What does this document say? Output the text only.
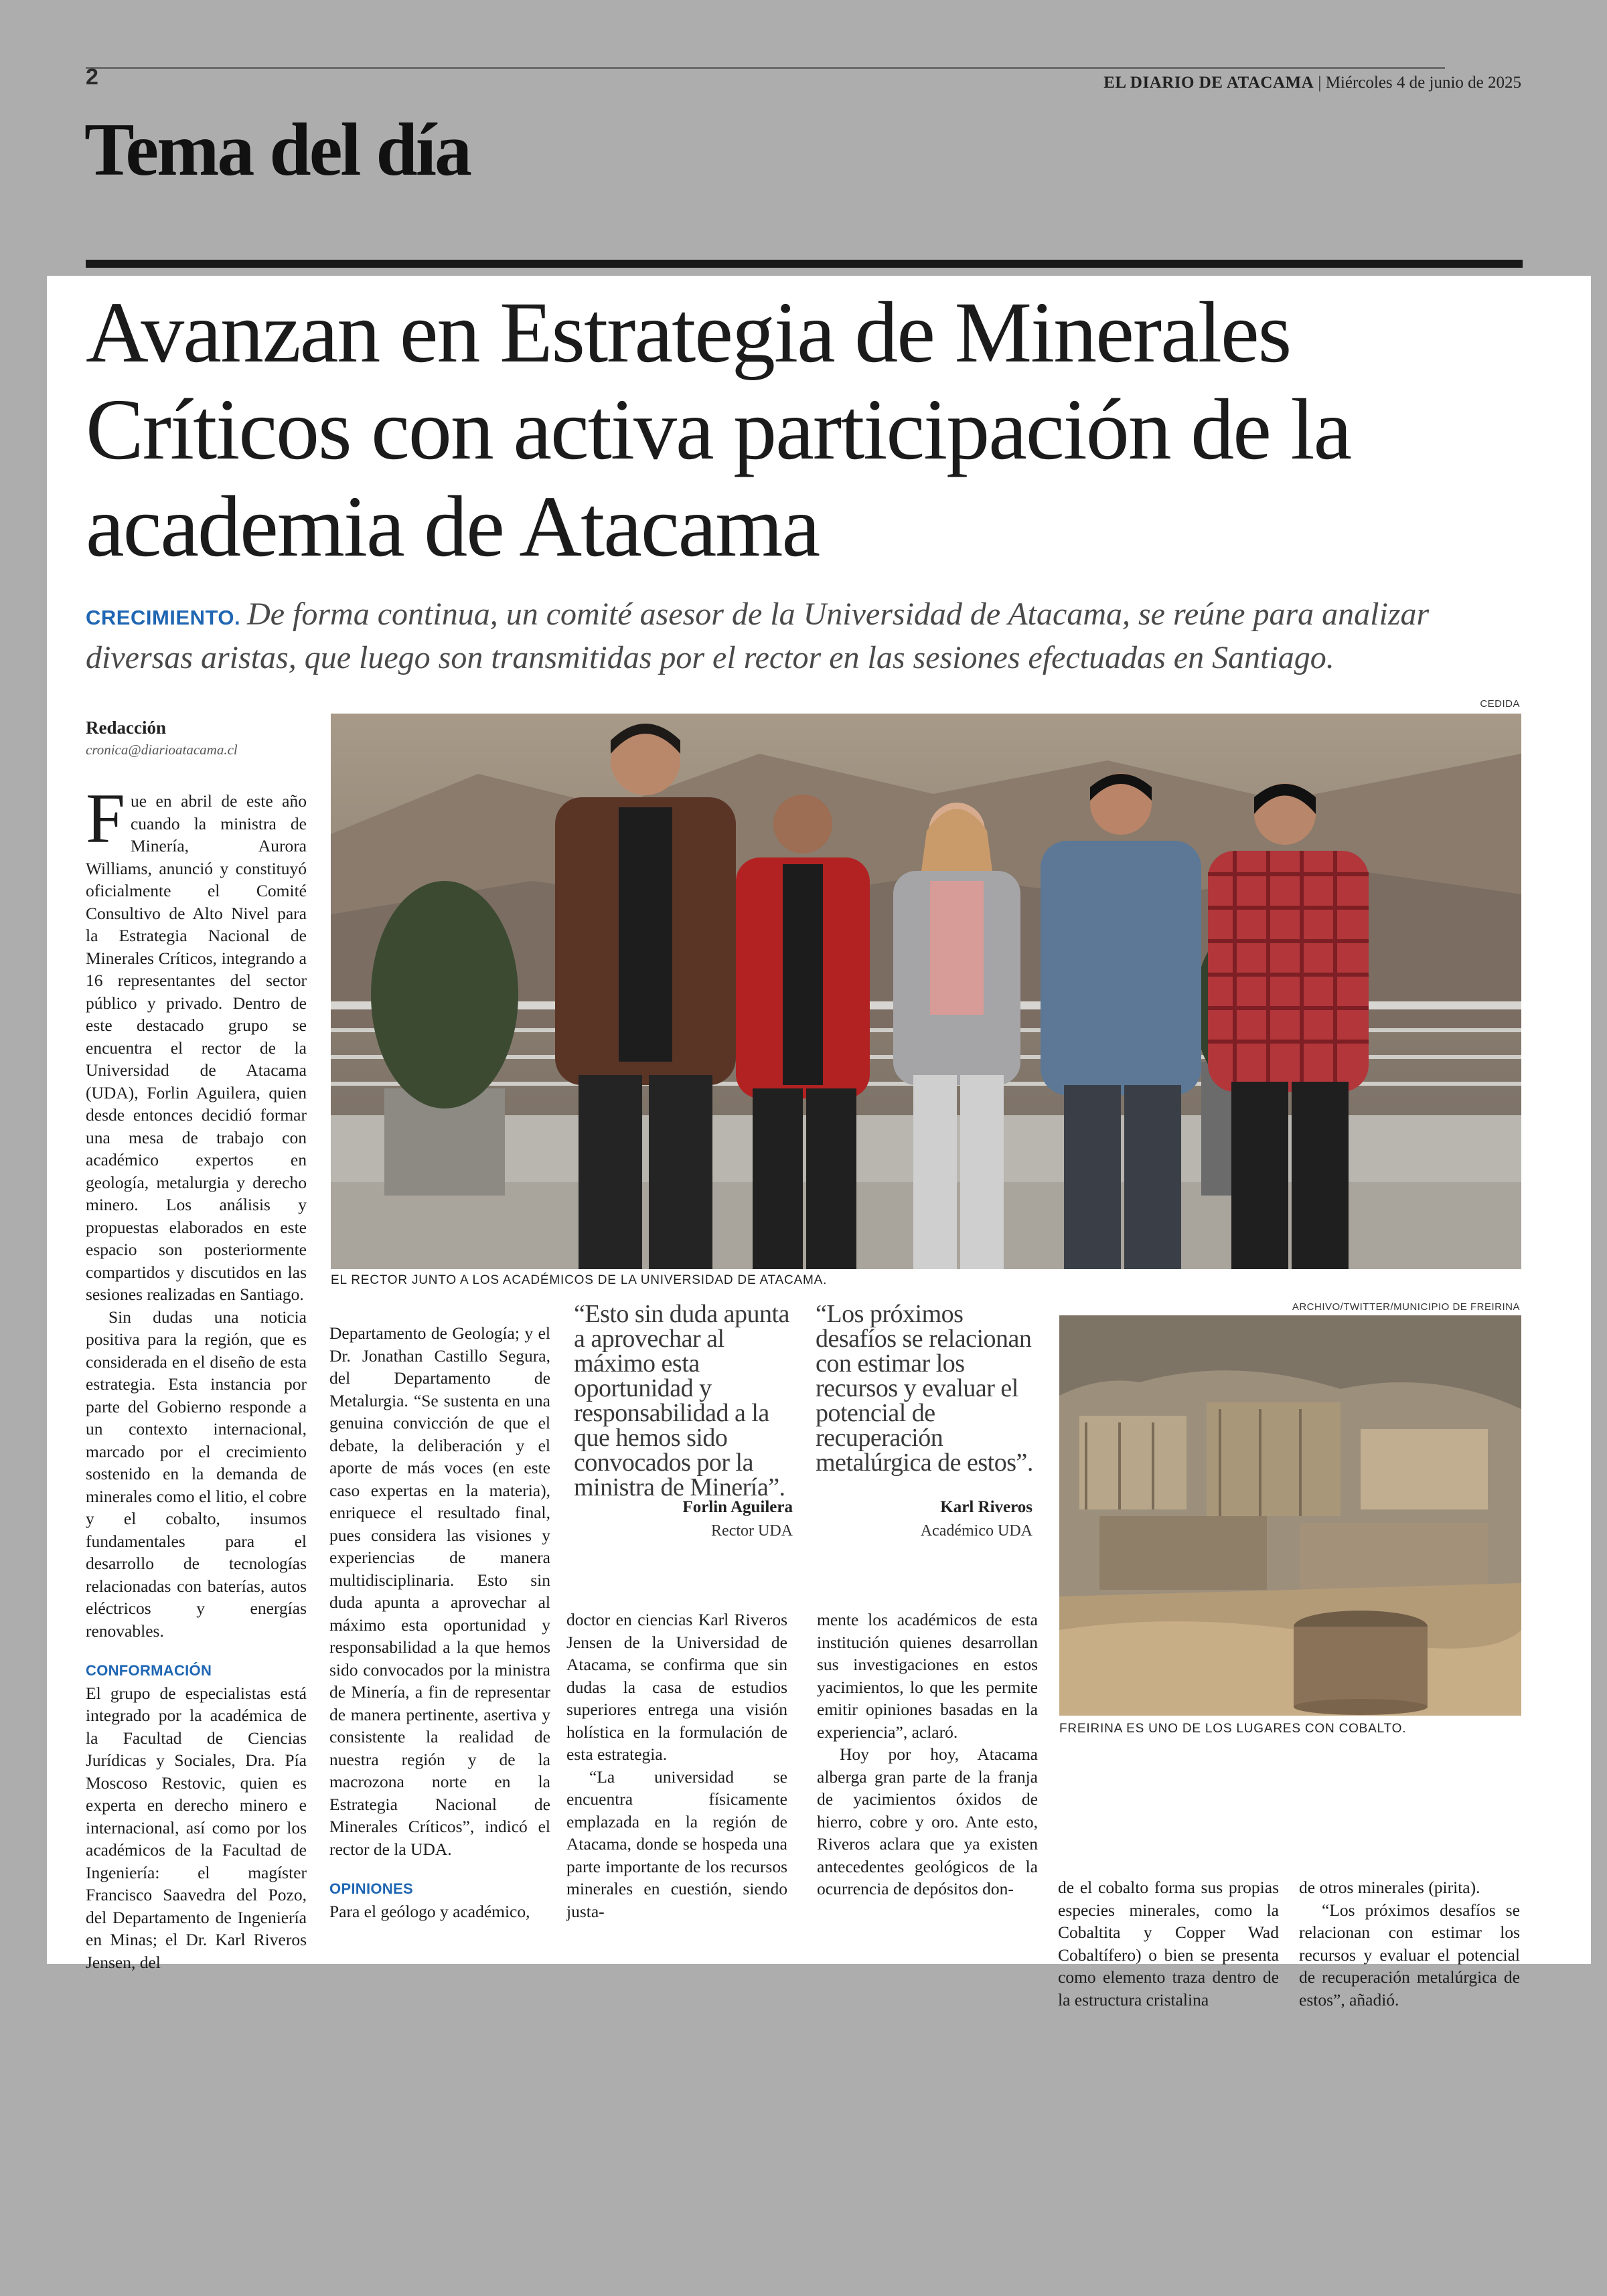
2	EL DIARIO DE ATACAMA | Miércoles 4 de junio de 2025
Tema del día
Avanzan en Estrategia de Minerales Críticos con activa participación de la academia de Atacama
CRECIMIENTO. De forma continua, un comité asesor de la Universidad de Atacama, se reúne para analizar diversas aristas, que luego son transmitidas por el rector en las sesiones efectuadas en Santiago.
CEDIDA
Redacción
cronica@diarioatacama.cl
EL RECTOR JUNTO A LOS ACADÉMICOS DE LA UNIVERSIDAD DE ATACAMA.

Fue en abril de este año cuando la ministra de Minería, Aurora Williams, anunció y constituyó oficialmente el Comité Consultivo de Alto Nivel para la Estrategia Nacional de Minerales Críticos, integrando a 16 representantes del sector público y privado. Dentro de este destacado grupo se encuentra el rector de la Universidad de Atacama (UDA), Forlin Aguilera, quien desde entonces decidió formar una mesa de trabajo con académico expertos en geología, metalurgia y derecho minero. Los análisis y propuestas elaborados en este espacio son posteriormente compartidos y discutidos en las sesiones realizadas en Santiago.

Sin dudas una noticia positiva para la región, que es considerada en el diseño de esta estrategia. Esta instancia por parte del Gobierno responde a un contexto internacional, marcado por el crecimiento sostenido en la demanda de minerales como el litio, el cobre y el cobalto, insumos fundamentales para el desarrollo de tecnologías relacionadas con baterías, autos eléctricos y energías renovables.

CONFORMACIÓN

El grupo de especialistas está integrado por la académica de la Facultad de Ciencias Jurídicas y Sociales, Dra. Pía Moscoso Restovic, quien es experta en derecho minero e internacional, así como por los académicos de la Facultad de Ingeniería: el magíster Francisco Saavedra del Pozo, del Departamento de Ingeniería en Minas; el Dr. Karl Riveros Jensen, del

Departamento de Geología; y el Dr. Jonathan Castillo Segura, del Departamento de Metalurgia. “Se sustenta en una genuina convicción de que el debate, la deliberación y el aporte de más voces (en este caso expertas en la materia), enriquece el resultado final, pues considera las visiones y experiencias de manera multidisciplinaria. Esto sin duda apunta a aprovechar al máximo esta oportunidad y responsabilidad a la que hemos sido convocados por la ministra de Minería, a fin de representar de manera pertinente, asertiva y consistente la realidad de nuestra región y de la macrozona norte en la Estrategia Nacional de Minerales Críticos”, indicó el rector de la UDA.

OPINIONES

Para el geólogo y académico,

“Esto sin duda apunta a aprovechar al máximo esta oportunidad y responsabilidad a la que hemos sido convocados por la ministra de Minería”.
Forlin Aguilera
Rector UDA
“Los próximos desafíos se relacionan con estimar los recursos y evaluar el potencial de recuperación metalúrgica de estos”.
Karl Riveros
Académico UDA

doctor en ciencias Karl Riveros Jensen de la Universidad de Atacama, se confirma que sin dudas la casa de estudios superiores entrega una visión holística en la formulación de esta estrategia.

“La universidad se encuentra físicamente emplazada en la región de Atacama, donde se hospeda una parte importante de los recursos minerales en cuestión, siendo justa-

mente los académicos de esta institución quienes desarrollan sus investigaciones en estos yacimientos, lo que les permite emitir opiniones basadas en la experiencia”, aclaró.

Hoy por hoy, Atacama alberga gran parte de la franja de yacimientos óxidos de hierro, cobre y oro. Ante esto, Riveros aclara que ya existen antecedentes geológicos de la ocurrencia de depósitos don-

ARCHIVO/TWITTER/MUNICIPIO DE FREIRINA
FREIRINA ES UNO DE LOS LUGARES CON COBALTO.

de el cobalto forma sus propias especies minerales, como la Cobaltita y Copper Wad Cobaltífero) o bien se presenta como elemento traza dentro de la estructura cristalina

de otros minerales (pirita).

“Los próximos desafíos se relacionan con estimar los recursos y evaluar el potencial de recuperación metalúrgica de estos”, añadió.
